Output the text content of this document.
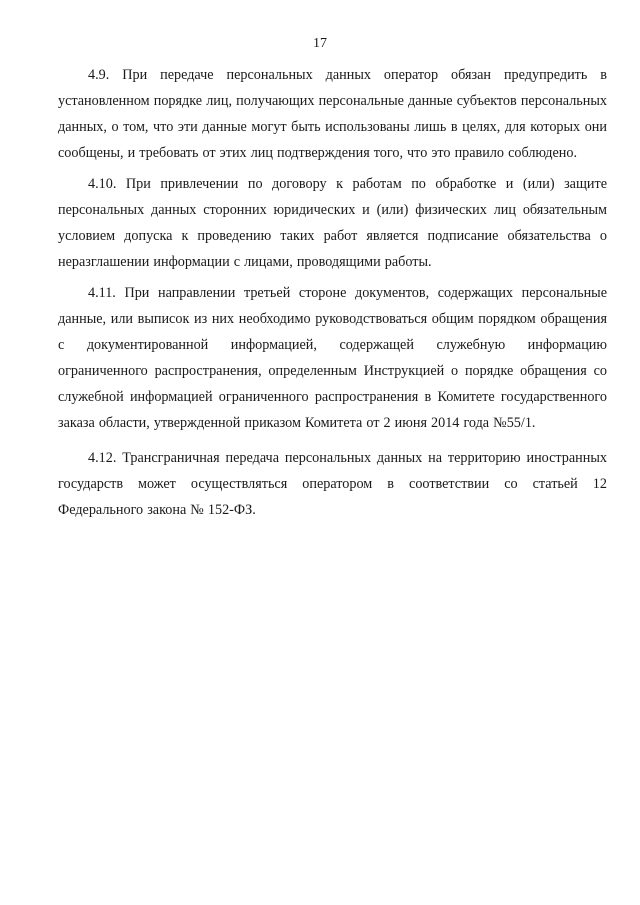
17

4.9. При передаче персональных данных оператор обязан предупредить в установленном порядке лиц, получающих персональные данные субъектов персональных данных, о том, что эти данные могут быть использованы лишь в целях, для которых они сообщены, и требовать от этих лиц подтверждения того, что это правило соблюдено.

4.10. При привлечении по договору к работам по обработке и (или) защите персональных данных сторонних юридических и (или) физических лиц обязательным условием допуска к проведению таких работ является подписание обязательства о неразглашении информации с лицами, проводящими работы.

4.11. При направлении третьей стороне документов, содержащих персональные данные, или выписок из них необходимо руководствоваться общим порядком обращения с документированной информацией, содержащей служебную информацию ограниченного распространения, определенным Инструкцией о порядке обращения со служебной информацией ограниченного распространения в Комитете государственного заказа области, утвержденной приказом Комитета от 2 июня 2014 года №55/1.

4.12. Трансграничная передача персональных данных на территорию иностранных государств может осуществляться оператором в соответствии со статьей 12 Федерального закона № 152-ФЗ.
